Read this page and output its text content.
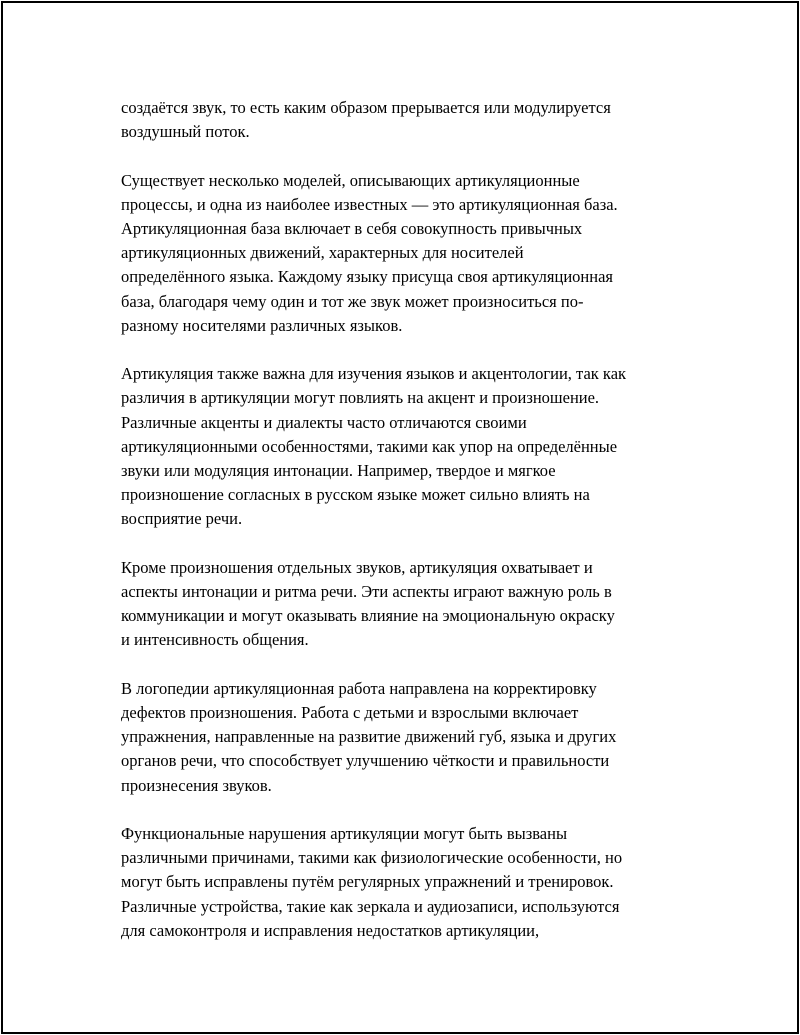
создаётся звук, то есть каким образом прерывается или модулируется
воздушный поток.

Существует несколько моделей, описывающих артикуляционные
процессы, и одна из наиболее известных — это артикуляционная база.
Артикуляционная база включает в себя совокупность привычных
артикуляционных движений, характерных для носителей
определённого языка. Каждому языку присуща своя артикуляционная
база, благодаря чему один и тот же звук может произноситься по-
разному носителями различных языков.

Артикуляция также важна для изучения языков и акцентологии, так как
различия в артикуляции могут повлиять на акцент и произношение.
Различные акценты и диалекты часто отличаются своими
артикуляционными особенностями, такими как упор на определённые
звуки или модуляция интонации. Например, твердое и мягкое
произношение согласных в русском языке может сильно влиять на
восприятие речи.

Кроме произношения отдельных звуков, артикуляция охватывает и
аспекты интонации и ритма речи. Эти аспекты играют важную роль в
коммуникации и могут оказывать влияние на эмоциональную окраску
и интенсивность общения.

В логопедии артикуляционная работа направлена на корректировку
дефектов произношения. Работа с детьми и взрослыми включает
упражнения, направленные на развитие движений губ, языка и других
органов речи, что способствует улучшению чёткости и правильности
произнесения звуков.

Функциональные нарушения артикуляции могут быть вызваны
различными причинами, такими как физиологические особенности, но
могут быть исправлены путём регулярных упражнений и тренировок.
Различные устройства, такие как зеркала и аудиозаписи, используются
для самоконтроля и исправления недостатков артикуляции,
